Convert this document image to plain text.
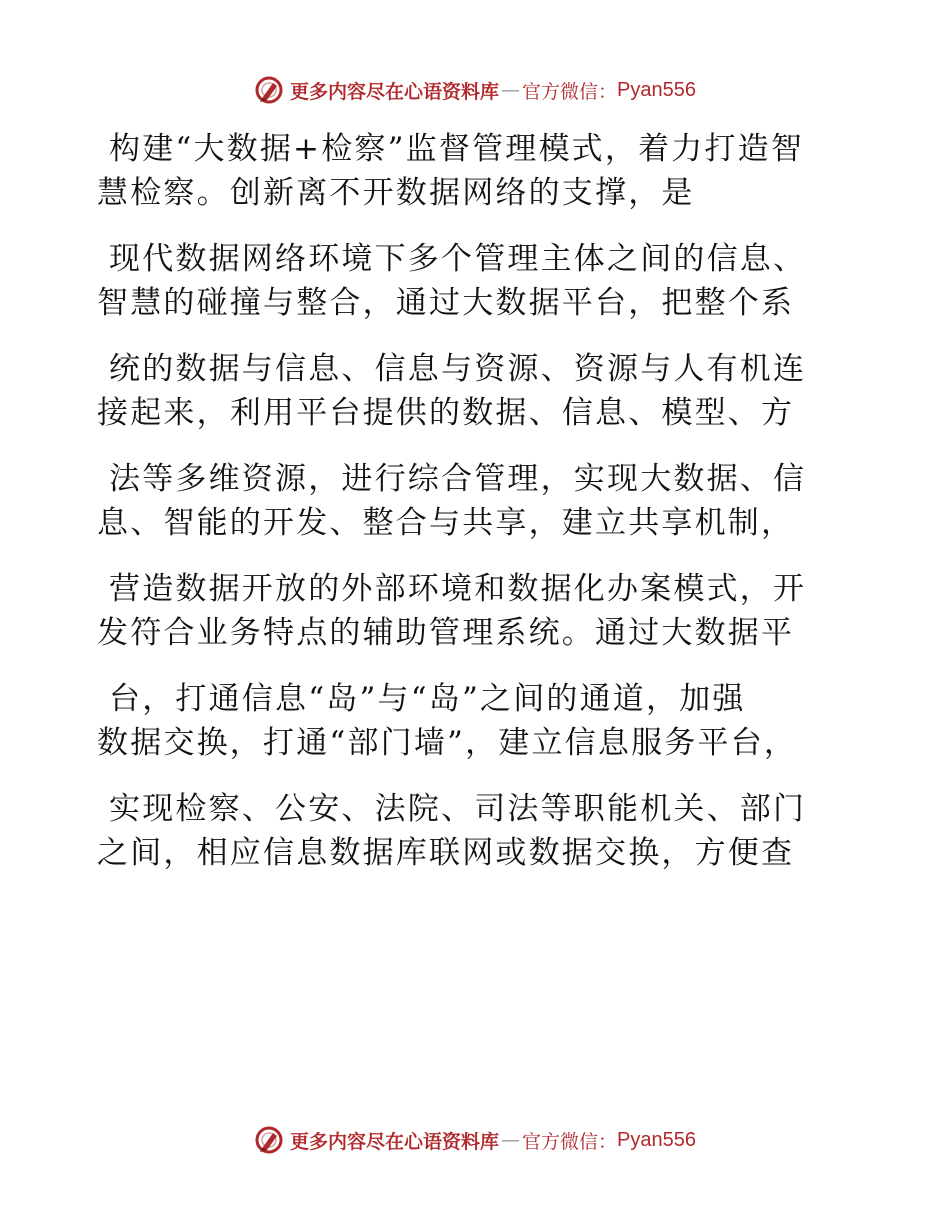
更多内容尽在心语资料库 — 官方微信： Pyan556
构建“大数据+检察”监督管理模式，着力打造智
慧检察。创新离不开数据网络的支撑，是
现代数据网络环境下多个管理主体之间的信息、
智慧的碰撞与整合，通过大数据平台，把整个系
统的数据与信息、信息与资源、资源与人有机连
接起来，利用平台提供的数据、信息、模型、方
法等多维资源，进行综合管理，实现大数据、信
息、智能的开发、整合与共享，建立共享机制，
营造数据开放的外部环境和数据化办案模式，开
发符合业务特点的辅助管理系统。通过大数据平
台，打通信息“岛”与“岛”之间的通道，加强
数据交换，打通“部门墙”，建立信息服务平台，
实现检察、公安、法院、司法等职能机关、部门
之间，相应信息数据库联网或数据交换，方便查
更多内容尽在心语资料库 — 官方微信： Pyan556
